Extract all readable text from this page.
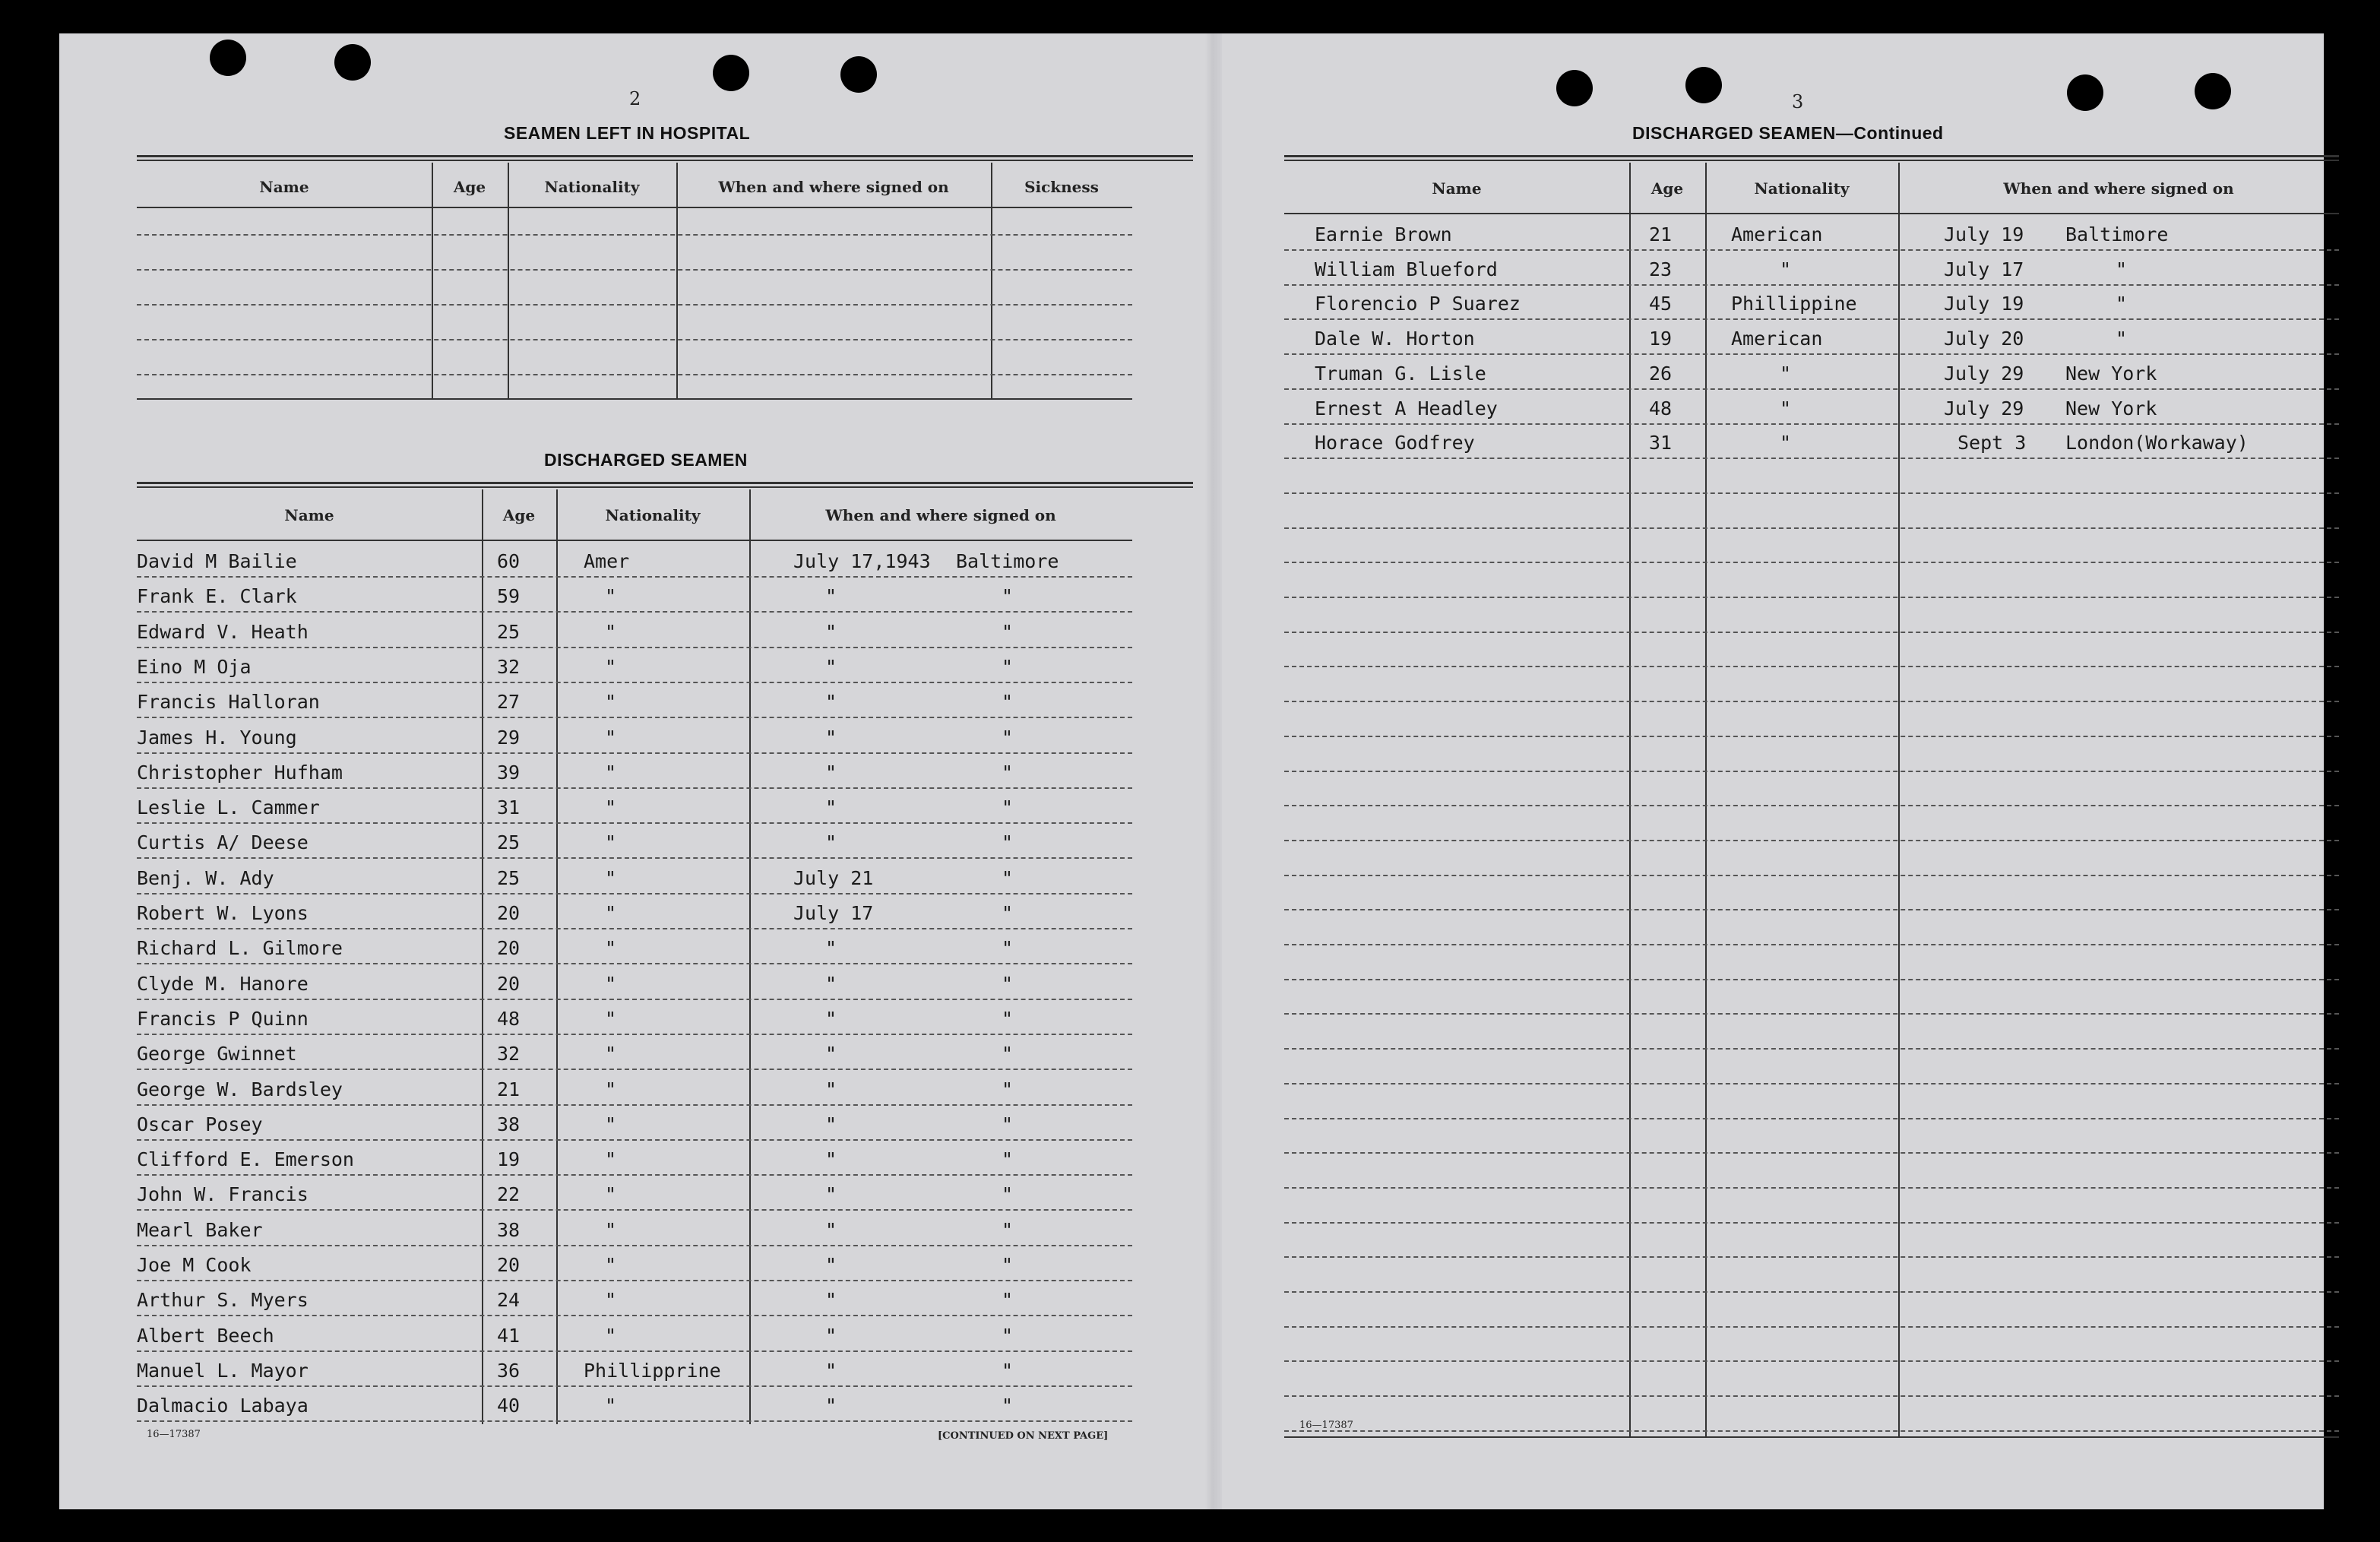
2
SEAMEN LEFT IN HOSPITAL
Name	Age	Nationality	When and where signed on	Sickness
DISCHARGED SEAMEN
Name	Age	Nationality	When and where signed on
David M Bailie	60	Amer	July 17,1943 Baltimore
Frank E. Clark	59	"	"	"
Edward V. Heath	25	"	"	"
Eino M Oja	32	"	"	"
Francis Halloran	27	"	"	"
James H. Young	29	"	"	"
Christopher Hufham	39	"	"	"
Leslie L. Cammer	31	"	"	"
Curtis A/ Deese	25	"	"	"
Benj. W. Ady	25	"	July 21	"
Robert W. Lyons	20	"	July 17	"
Richard L. Gilmore	20	"	"	"
Clyde M. Hanore	20	"	"	"
Francis P Quinn	48	"	"	"
George Gwinnet	32	"	"	"
George W. Bardsley	21	"	"	"
Oscar Posey	38	"	"	"
Clifford E. Emerson	19	"	"	"
John W. Francis	22	"	"	"
Mearl Baker	38	"	"	"
Joe M Cook	20	"	"	"
Arthur S. Myers	24	"	"	"
Albert Beech	41	"	"	"
Manuel L. Mayor	36	Phillipprine	"	"
Dalmacio Labaya	40	"	"	"
16—17387	[CONTINUED ON NEXT PAGE]
3
DISCHARGED SEAMEN—Continued
Name	Age	Nationality	When and where signed on
Earnie Brown	21	American	July 19 Baltimore
William Blueford	23	"	July 17	"
Florencio P Suarez	45	Phillippine	July 19	"
Dale W. Horton	19	American	July 20	"
Truman G. Lisle	26	"	July 29 New York
Ernest A Headley	48	"	July 29 New York
Horace Godfrey	31	"	Sept 3 London(Workaway)
16—17387
